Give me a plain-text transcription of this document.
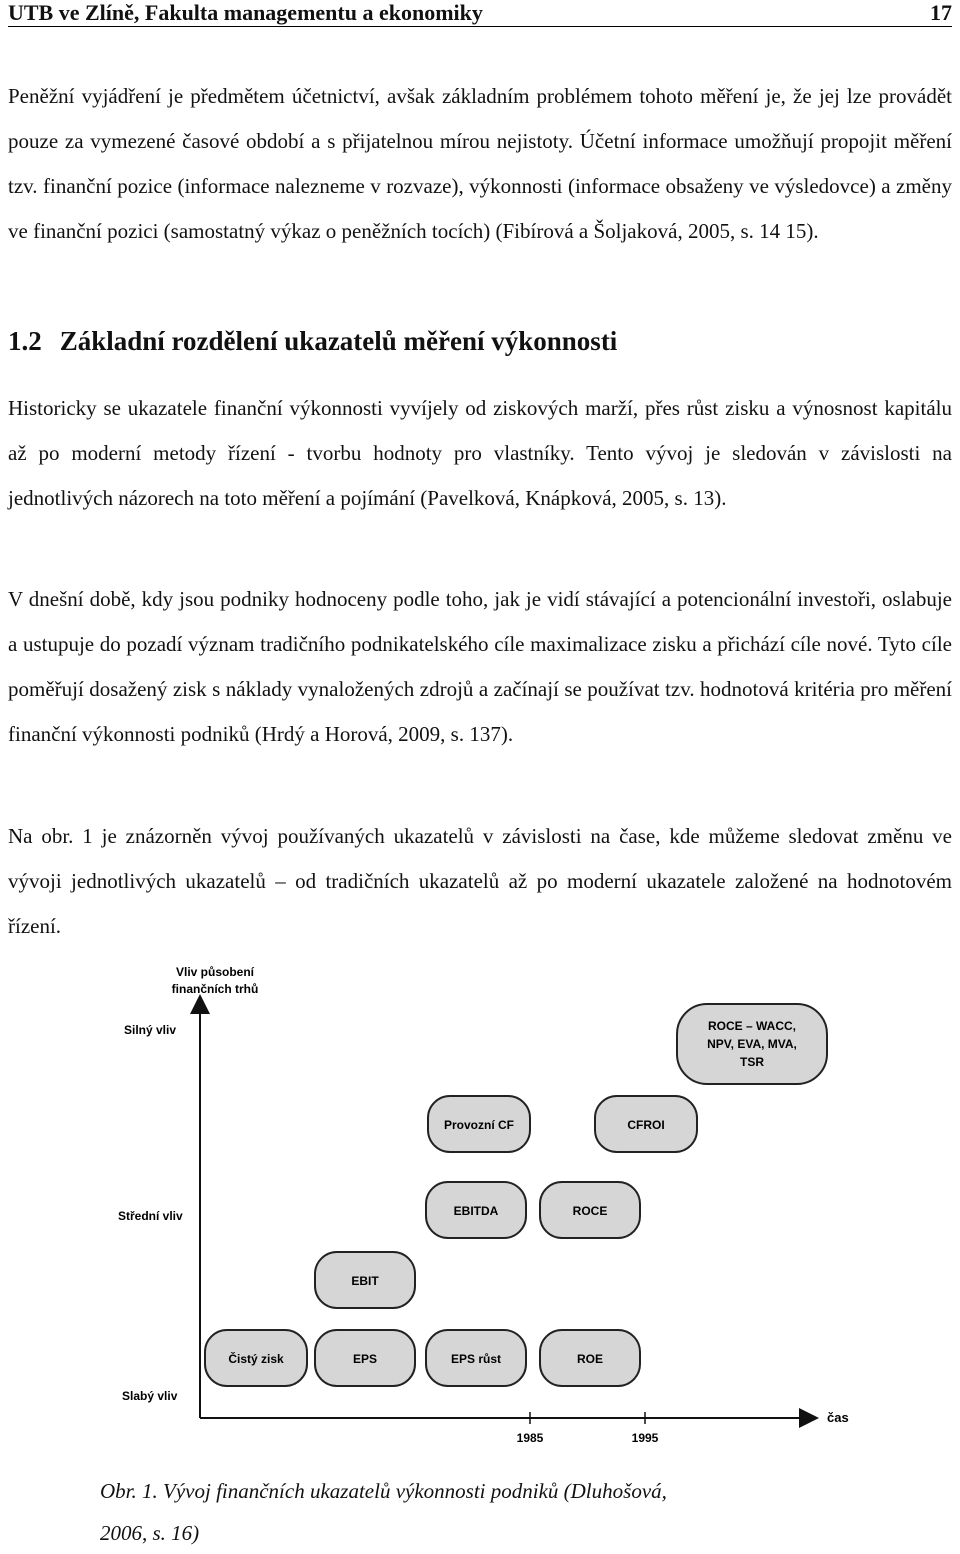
UTB ve Zlíně, Fakulta managementu a ekonomiky	17
Peněžní vyjádření je předmětem účetnictví, avšak základním problémem tohoto měření je, že jej lze provádět pouze za vymezené časové období a s přijatelnou mírou nejistoty. Účetní informace umožňují propojit měření tzv. finanční pozice (informace nalezneme v rozvaze), výkonnosti (informace obsaženy ve výsledovce) a změny ve finanční pozici (samostatný výkaz o peněžních tocích) (Fibírová a Šoljaková, 2005, s. 14 15).
1.2 Základní rozdělení ukazatelů měření výkonnosti
Historicky se ukazatele finanční výkonnosti vyvíjely od ziskových marží, přes růst zisku a výnosnost kapitálu až po moderní metody řízení - tvorbu hodnoty pro vlastníky. Tento vývoj je sledován v závislosti na jednotlivých názorech na toto měření a pojímání (Pavelková, Knápková, 2005, s. 13).
V dnešní době, kdy jsou podniky hodnoceny podle toho, jak je vidí stávající a potencionální investoři, oslabuje a ustupuje do pozadí význam tradičního podnikatelského cíle maximalizace zisku a přichází cíle nové. Tyto cíle poměřují dosažený zisk s náklady vynaložených zdrojů a začínají se používat tzv. hodnotová kritéria pro měření finanční výkonnosti podniků (Hrdý a Horová, 2009, s. 137).
Na obr. 1 je znázorněn vývoj používaných ukazatelů v závislosti na čase, kde můžeme sledovat změnu ve vývoji jednotlivých ukazatelů – od tradičních ukazatelů až po moderní ukazatele založené na hodnotovém řízení.
Vliv působení
finančních trhů
Silný vliv
Střední vliv
Slabý vliv
čas
1985	1995
ROCE – WACC,
NPV, EVA, MVA,
TSR
Provozní CF	CFROI
EBITDA	ROCE
EBIT
Čistý zisk	EPS	EPS růst	ROE
Obr. 1. Vývoj finančních ukazatelů výkonnosti podniků (Dluhošová,
2006, s. 16)
